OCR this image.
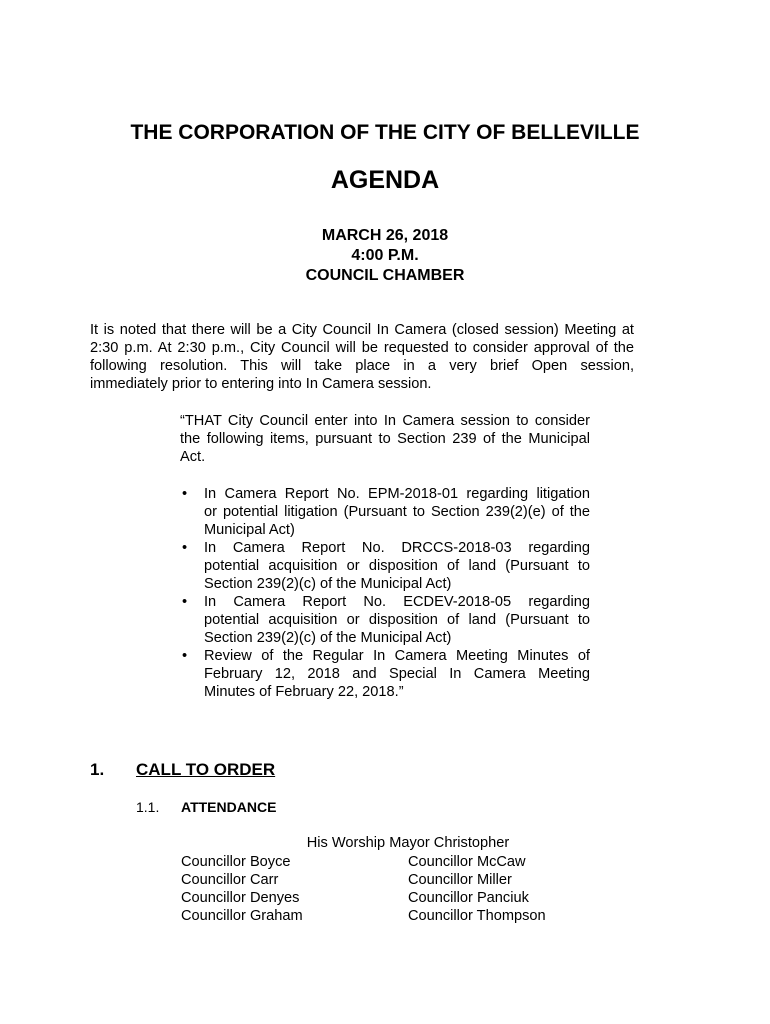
THE CORPORATION OF THE CITY OF BELLEVILLE
AGENDA
MARCH 26, 2018
4:00 P.M.
COUNCIL CHAMBER
It is noted that there will be a City Council In Camera (closed session) Meeting at
2:30 p.m. At 2:30 p.m., City Council will be requested to consider approval of the
following resolution. This will take place in a very brief Open session,
immediately prior to entering into In Camera session.
“THAT City Council enter into In Camera session to consider
the following items, pursuant to Section 239 of the Municipal
Act.
• In Camera Report No. EPM-2018-01 regarding litigation
or potential litigation (Pursuant to Section 239(2)(e) of the
Municipal Act)
• In Camera Report No. DRCCS-2018-03 regarding
potential acquisition or disposition of land (Pursuant to
Section 239(2)(c) of the Municipal Act)
• In Camera Report No. ECDEV-2018-05 regarding
potential acquisition or disposition of land (Pursuant to
Section 239(2)(c) of the Municipal Act)
• Review of the Regular In Camera Meeting Minutes of
February 12, 2018 and Special In Camera Meeting
Minutes of February 22, 2018.”
1. CALL TO ORDER
1.1. ATTENDANCE
His Worship Mayor Christopher
Councillor Boyce
Councillor Carr
Councillor Denyes
Councillor Graham
Councillor McCaw
Councillor Miller
Councillor Panciuk
Councillor Thompson
